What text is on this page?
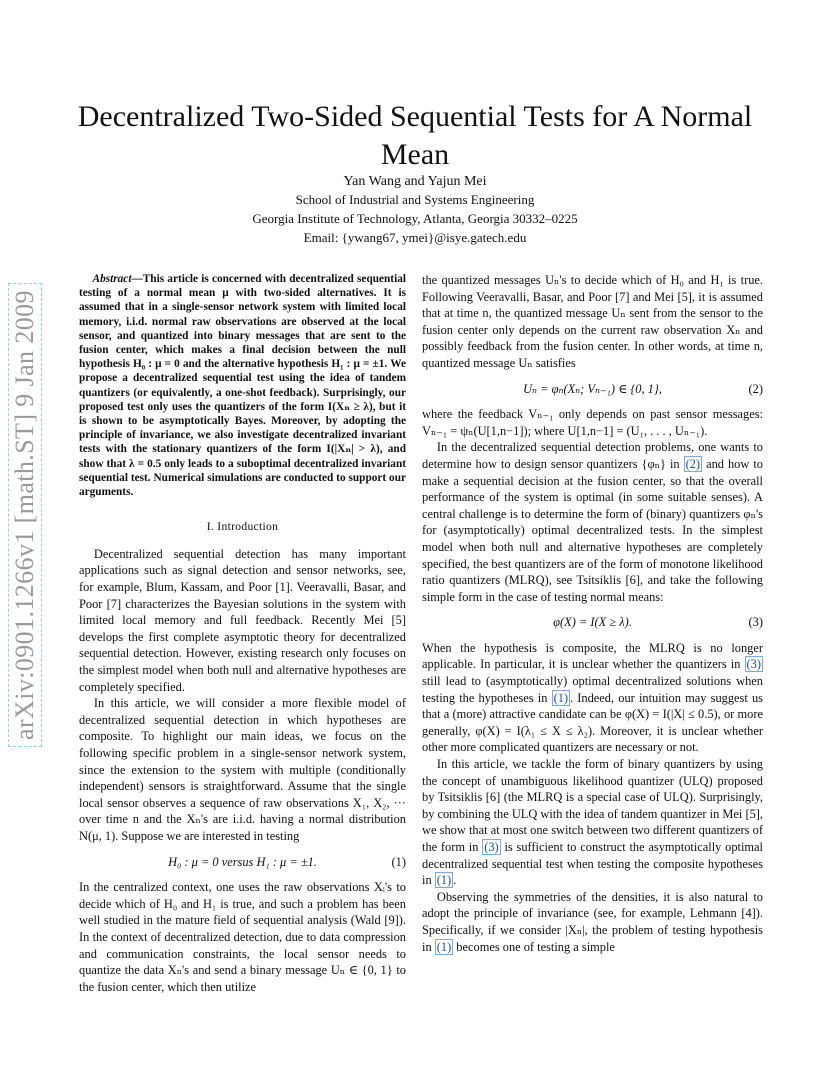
arXiv:0901.1266v1 [math.ST] 9 Jan 2009
Decentralized Two-Sided Sequential Tests for A Normal Mean
Yan Wang and Yajun Mei
School of Industrial and Systems Engineering
Georgia Institute of Technology, Atlanta, Georgia 30332–0225
Email: {ywang67, ymei}@isye.gatech.edu

Abstract—This article is concerned with decentralized sequential testing of a normal mean μ with two-sided alternatives. It is assumed that in a single-sensor network system with limited local memory, i.i.d. normal raw observations are observed at the local sensor, and quantized into binary messages that are sent to the fusion center, which makes a final decision between the null hypothesis H₀ : μ = 0 and the alternative hypothesis H₁ : μ = ±1. We propose a decentralized sequential test using the idea of tandem quantizers (or equivalently, a one-shot feedback). Surprisingly, our proposed test only uses the quantizers of the form I(Xₙ ≥ λ), but it is shown to be asymptotically Bayes. Moreover, by adopting the principle of invariance, we also investigate decentralized invariant tests with the stationary quantizers of the form I(|Xₙ| > λ), and show that λ = 0.5 only leads to a suboptimal decentralized invariant sequential test. Numerical simulations are conducted to support our arguments.

I. Introduction

Decentralized sequential detection has many important applications such as signal detection and sensor networks, see, for example, Blum, Kassam, and Poor [1]. Veeravalli, Basar, and Poor [7] characterizes the Bayesian solutions in the system with limited local memory and full feedback. Recently Mei [5] develops the first complete asymptotic theory for decentralized sequential detection. However, existing research only focuses on the simplest model when both null and alternative hypotheses are completely specified.

In this article, we will consider a more flexible model of decentralized sequential detection in which hypotheses are composite. To highlight our main ideas, we focus on the following specific problem in a single-sensor network system, since the extension to the system with multiple (conditionally independent) sensors is straightforward. Assume that the single local sensor observes a sequence of raw observations X₁, X₂, ··· over time n and the Xₙ's are i.i.d. having a normal distribution N(μ, 1). Suppose we are interested in testing

H₀ : μ = 0 versus H₁ : μ = ±1.	(1)

In the centralized context, one uses the raw observations Xᵢ's to decide which of H₀ and H₁ is true, and such a problem has been well studied in the mature field of sequential analysis (Wald [9]). In the context of decentralized detection, due to data compression and communication constraints, the local sensor needs to quantize the data Xₙ's and send a binary message Uₙ ∈ {0, 1} to the fusion center, which then utilize

the quantized messages Uₙ's to decide which of H₀ and H₁ is true. Following Veeravalli, Basar, and Poor [7] and Mei [5], it is assumed that at time n, the quantized message Uₙ sent from the sensor to the fusion center only depends on the current raw observation Xₙ and possibly feedback from the fusion center. In other words, at time n, quantized message Uₙ satisfies

Uₙ = φₙ(Xₙ; Vₙ₋₁) ∈ {0, 1},	(2)

where the feedback Vₙ₋₁ only depends on past sensor messages: Vₙ₋₁ = ψₙ(U[1,n−1]); where U[1,n−1] = (U₁, . . . , Uₙ₋₁).

In the decentralized sequential detection problems, one wants to determine how to design sensor quantizers {φₙ} in (2) and how to make a sequential decision at the fusion center, so that the overall performance of the system is optimal (in some suitable senses). A central challenge is to determine the form of (binary) quantizers φₙ's for (asymptotically) optimal decentralized tests. In the simplest model when both null and alternative hypotheses are completely specified, the best quantizers are of the form of monotone likelihood ratio quantizers (MLRQ), see Tsitsiklis [6], and take the following simple form in the case of testing normal means:

φ(X) = I(X ≥ λ).	(3)

When the hypothesis is composite, the MLRQ is no longer applicable. In particular, it is unclear whether the quantizers in (3) still lead to (asymptotically) optimal decentralized solutions when testing the hypotheses in (1) . Indeed, our intuition may suggest us that a (more) attractive candidate can be φ(X) = I(|X| ≤ 0.5), or more generally, φ(X) = I(λ₁ ≤ X ≤ λ₂). Moreover, it is unclear whether other more complicated quantizers are necessary or not.

In this article, we tackle the form of binary quantizers by using the concept of unambiguous likelihood quantizer (ULQ) proposed by Tsitsiklis [6] (the MLRQ is a special case of ULQ). Surprisingly, by combining the ULQ with the idea of tandem quantizer in Mei [5], we show that at most one switch between two different quantizers of the form in (3) is sufficient to construct the asymptotically optimal decentralized sequential test when testing the composite hypotheses in (1) .

Observing the symmetries of the densities, it is also natural to adopt the principle of invariance (see, for example, Lehmann [4]). Specifically, if we consider |Xₙ|, the problem of testing hypothesis in (1) becomes one of testing a simple
